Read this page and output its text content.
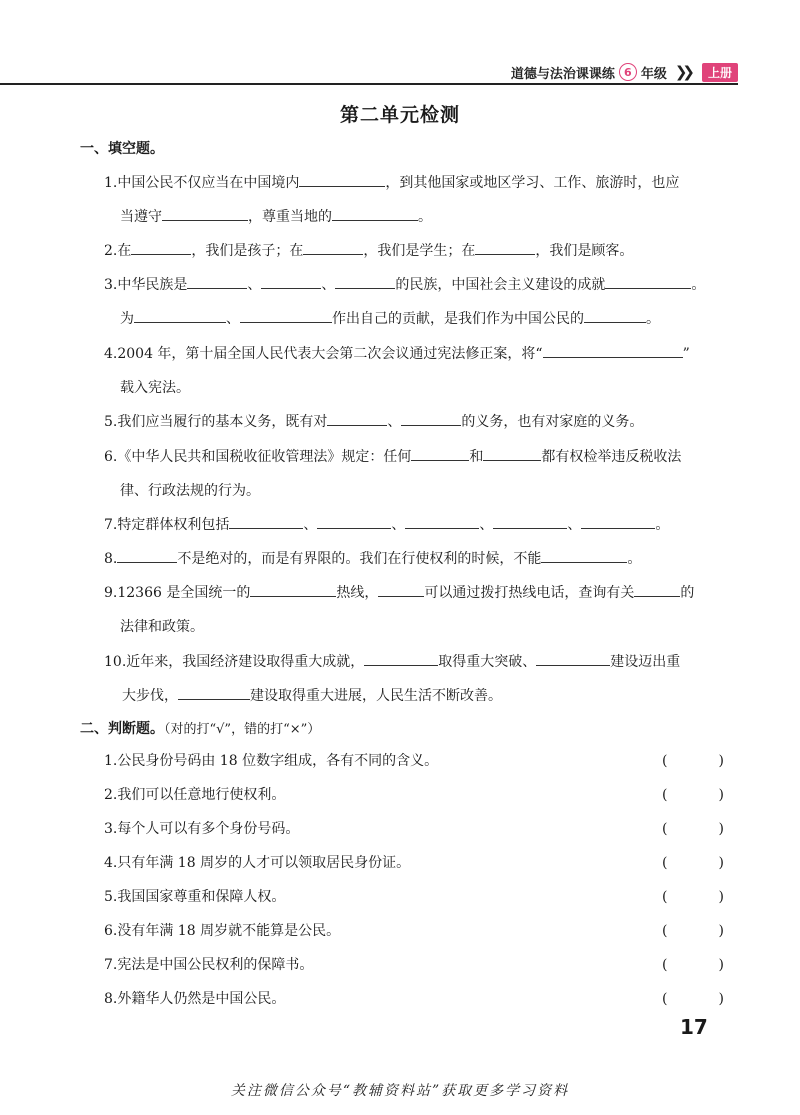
道德与法治课课练 6 年级 ❯❯	上册
第二单元检测
一、填空题。
1.中国公民不仅应当在中国境内	，到其他国家或地区学习、工作、旅游时，也应
当遵守	，尊重当地的	。
2.在	，我们是孩子；在	，我们是学生；在	，我们是顾客。
3.中华民族是	、	、	的民族，中国社会主义建设的成就	。
为	、	作出自己的贡献，是我们作为中国公民的	。
4.2004 年，第十届全国人民代表大会第二次会议通过宪法修正案，将“	”
载入宪法。
5.我们应当履行的基本义务，既有对	、	的义务，也有对家庭的义务。
6.《中华人民共和国税收征收管理法》规定：任何	和	都有权检举违反税收法
律、行政法规的行为。
7.特定群体权利包括	、	、	、	、	。
8.	不是绝对的，而是有界限的。我们在行使权利的时候，不能	。
9.12366 是全国统一的	热线，	可以通过拨打热线电话，查询有关	的
法律和政策。
10.近年来，我国经济建设取得重大成就，	取得重大突破、	建设迈出重
大步伐，	建设取得重大进展，人民生活不断改善。
二、判断题。（对的打“√”，错的打“×”）
1.公民身份号码由 18 位数字组成，各有不同的含义。	(	)
2.我们可以任意地行使权利。	(	)
3.每个人可以有多个身份号码。	(	)
4.只有年满 18 周岁的人才可以领取居民身份证。	(	)
5.我国国家尊重和保障人权。	(	)
6.没有年满 18 周岁就不能算是公民。	(	)
7.宪法是中国公民权利的保障书。	(	)
8.外籍华人仍然是中国公民。	(	)
17
关注微信公众号“教辅资料站”获取更多学习资料
